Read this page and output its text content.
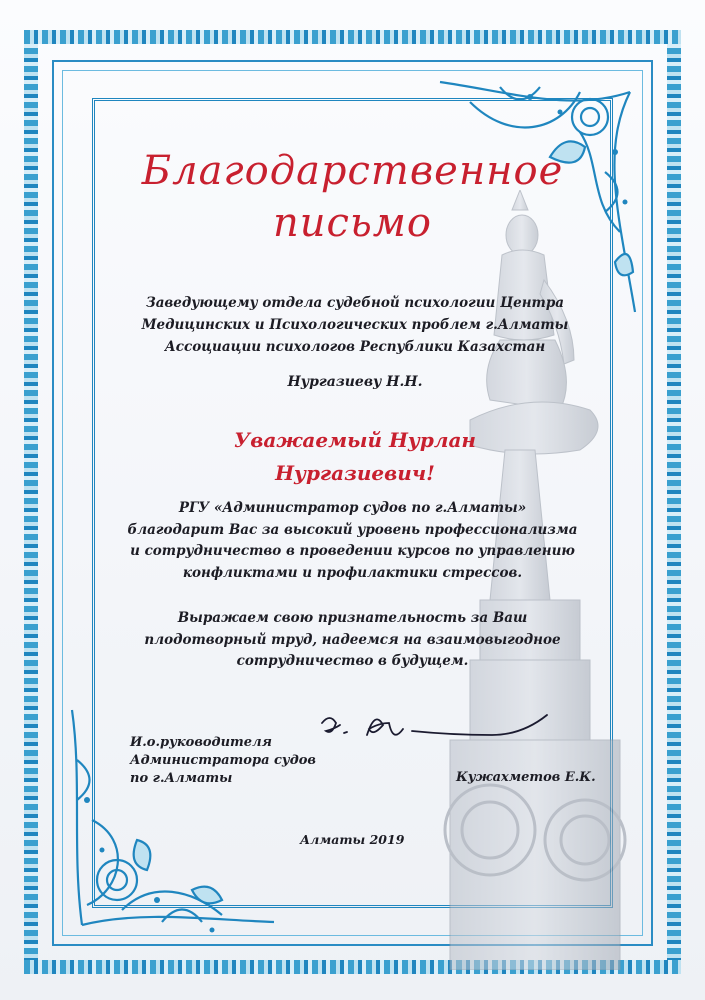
Благодарственное
письмо
Заведующему отдела судебной психологии Центра
Медицинских и Психологических проблем г.Алматы
Ассоциации психологов Республики Казахстан
Нургазиеву Н.Н.
Уважаемый Нурлан
Нургазиевич!
РГУ «Администратор судов по г.Алматы»
благодарит Вас за высокий уровень профессионализма
и сотрудничество в проведении курсов по управлению
конфликтами и профилактики стрессов.
Выражаем свою признательность за Ваш
плодотворный труд, надеемся на взаимовыгодное
сотрудничество в будущем.
И.о.руководителя
Администратора судов
по г.Алматы	Кужахметов Е.К.
Алматы 2019
